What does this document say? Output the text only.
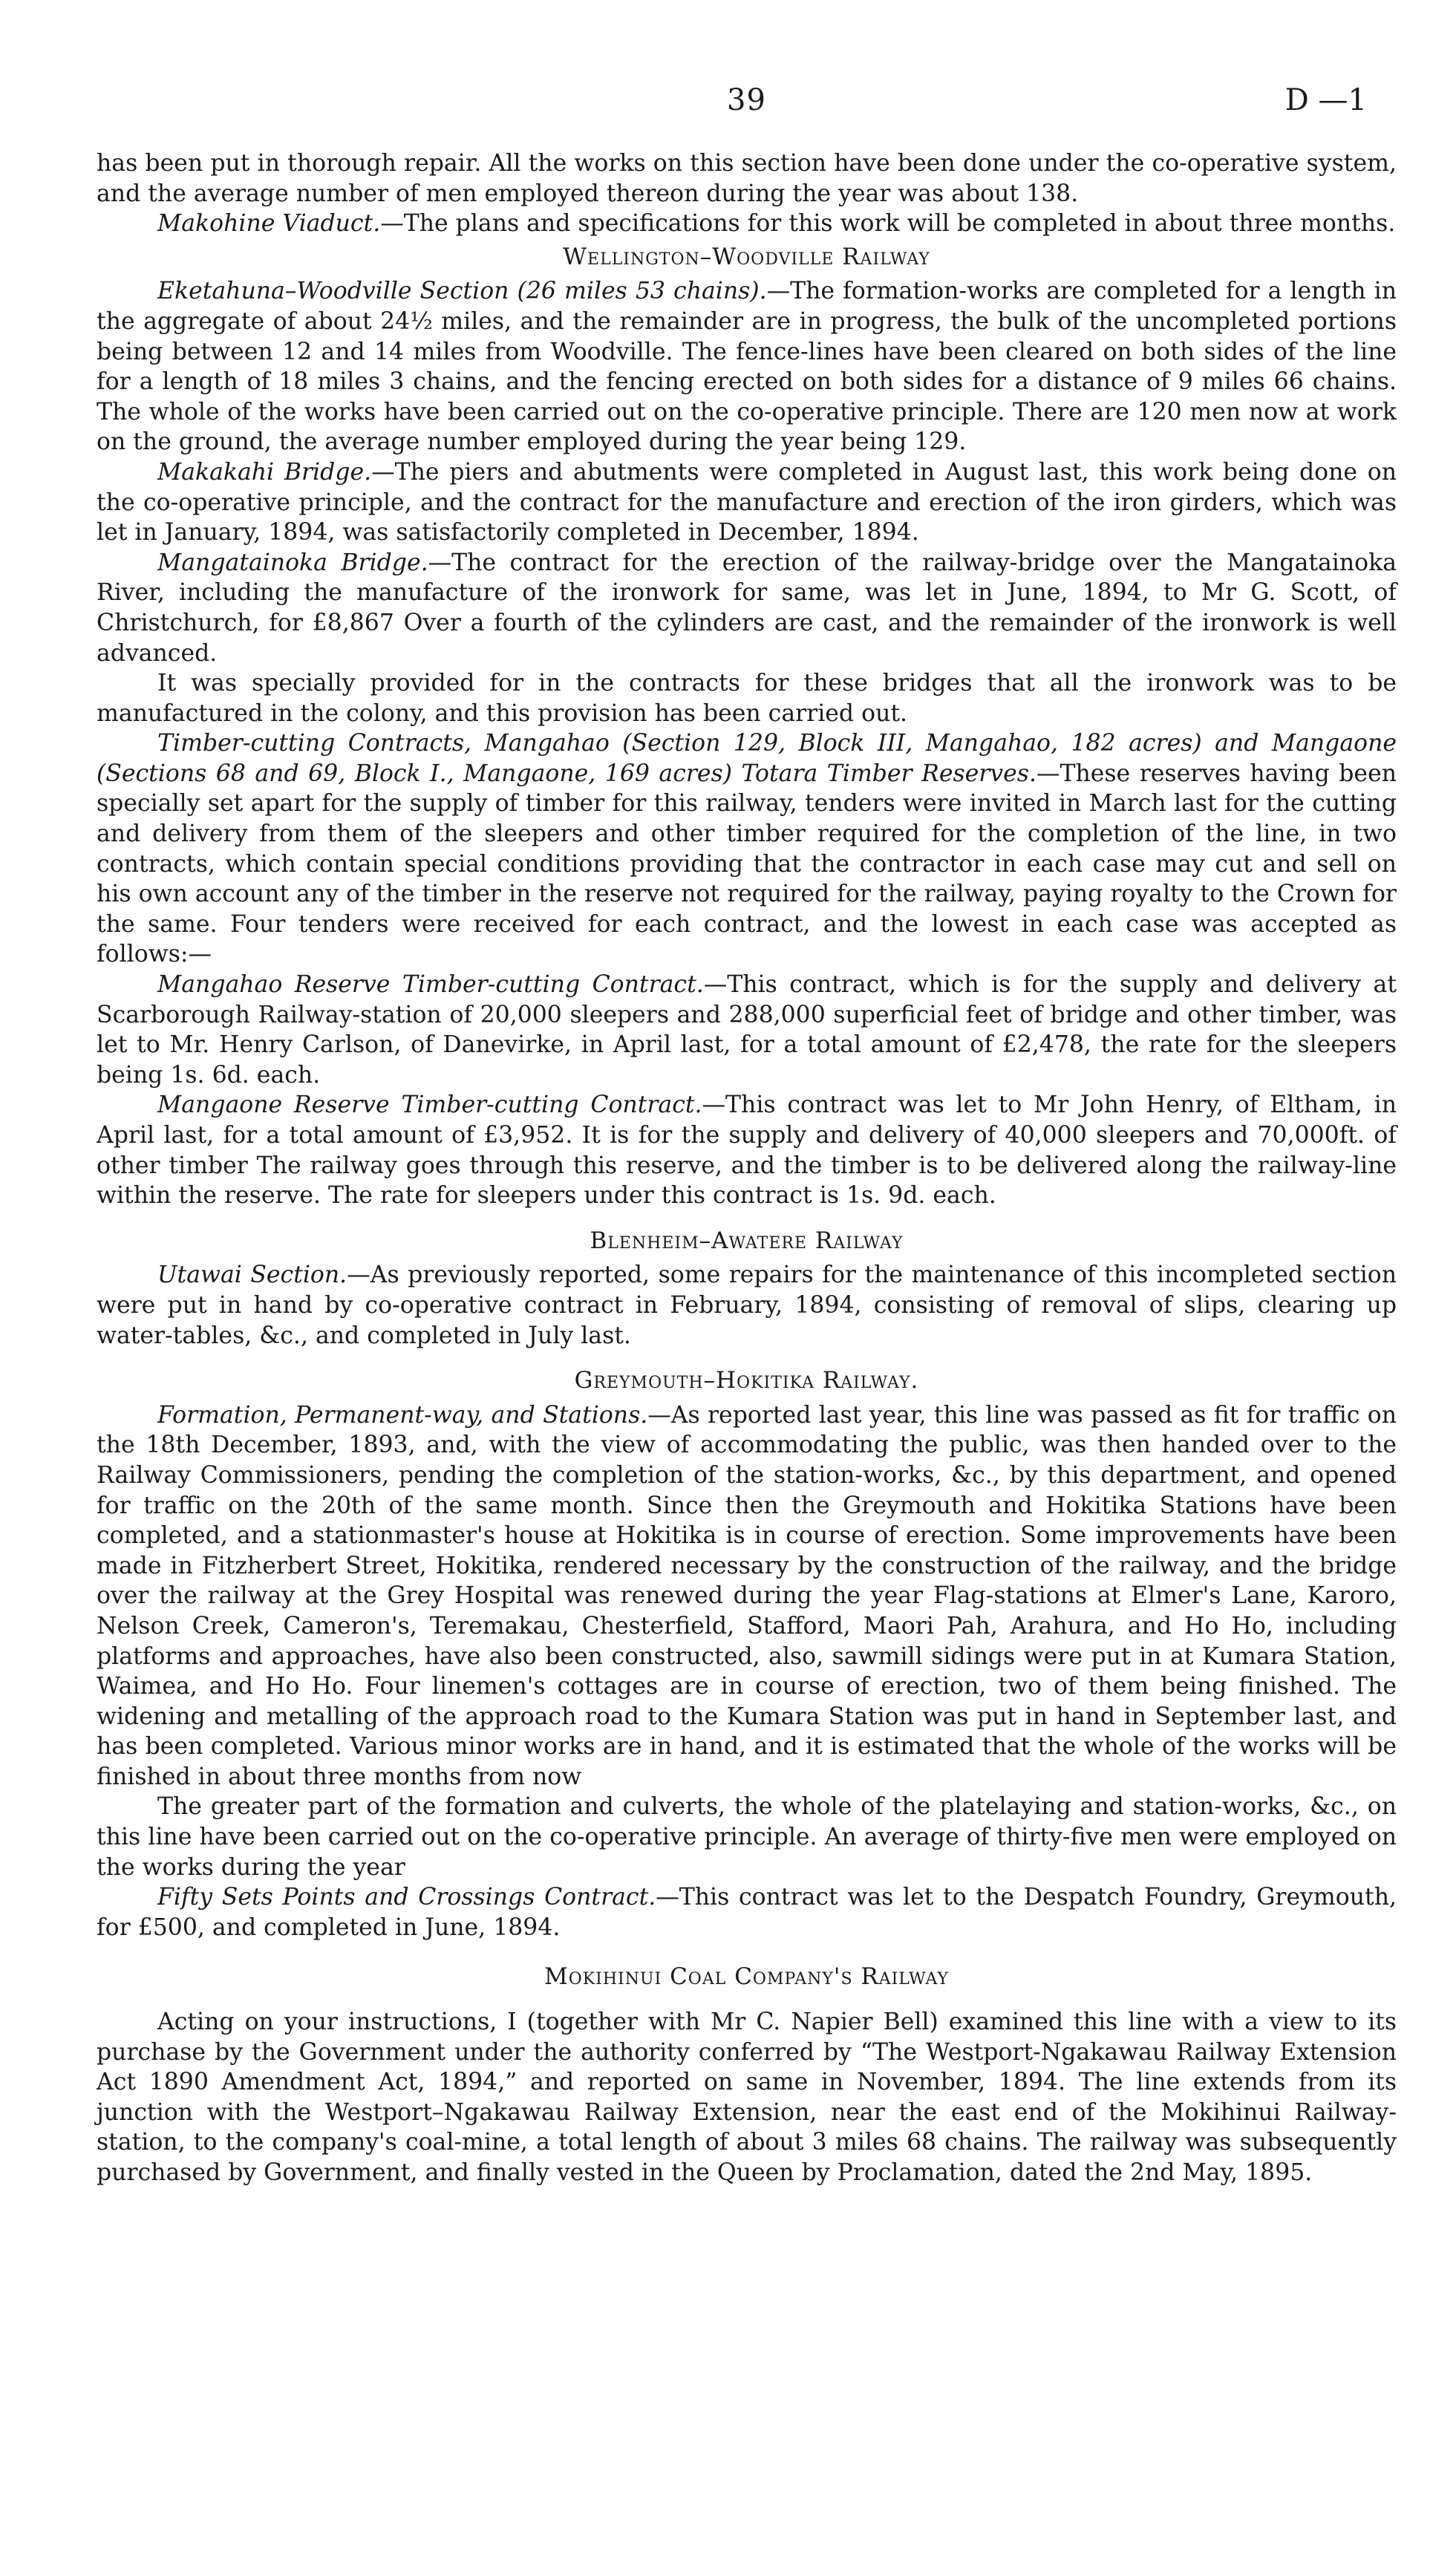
39	D —1

has been put in thorough repair. All the works on this section have been done under the co-operative system, and the average number of men employed thereon during the year was about 138.

Makohine Viaduct.—The plans and specifications for this work will be completed in about three months.

Wellington–Woodville Railway

Eketahuna–Woodville Section (26 miles 53 chains).—The formation-works are completed for a length in the aggregate of about 24½ miles, and the remainder are in progress, the bulk of the uncompleted portions being between 12 and 14 miles from Woodville. The fence-lines have been cleared on both sides of the line for a length of 18 miles 3 chains, and the fencing erected on both sides for a distance of 9 miles 66 chains. The whole of the works have been carried out on the co-operative principle. There are 120 men now at work on the ground, the average number employed during the year being 129.

Makakahi Bridge.—The piers and abutments were completed in August last, this work being done on the co-operative principle, and the contract for the manufacture and erection of the iron girders, which was let in January, 1894, was satisfactorily completed in December, 1894.

Mangatainoka Bridge.—The contract for the erection of the railway-bridge over the Mangatainoka River, including the manufacture of the ironwork for same, was let in June, 1894, to Mr G. Scott, of Christchurch, for £8,867 Over a fourth of the cylinders are cast, and the remainder of the ironwork is well advanced.

It was specially provided for in the contracts for these bridges that all the ironwork was to be manufactured in the colony, and this provision has been carried out.

Timber-cutting Contracts, Mangahao (Section 129, Block III, Mangahao, 182 acres) and Mangaone (Sections 68 and 69, Block I., Mangaone, 169 acres) Totara Timber Reserves.—These reserves having been specially set apart for the supply of timber for this railway, tenders were invited in March last for the cutting and delivery from them of the sleepers and other timber required for the completion of the line, in two contracts, which contain special conditions providing that the contractor in each case may cut and sell on his own account any of the timber in the reserve not required for the railway, paying royalty to the Crown for the same. Four tenders were received for each contract, and the lowest in each case was accepted as follows:—

Mangahao Reserve Timber-cutting Contract.—This contract, which is for the supply and delivery at Scarborough Railway-station of 20,000 sleepers and 288,000 superficial feet of bridge and other timber, was let to Mr. Henry Carlson, of Danevirke, in April last, for a total amount of £2,478, the rate for the sleepers being 1s. 6d. each.

Mangaone Reserve Timber-cutting Contract.—This contract was let to Mr John Henry, of Eltham, in April last, for a total amount of £3,952. It is for the supply and delivery of 40,000 sleepers and 70,000ft. of other timber The railway goes through this reserve, and the timber is to be delivered along the railway-line within the reserve. The rate for sleepers under this contract is 1s. 9d. each.

Blenheim–Awatere Railway

Utawai Section.—As previously reported, some repairs for the maintenance of this incompleted section were put in hand by co-operative contract in February, 1894, consisting of removal of slips, clearing up water-tables, &c., and completed in July last.

Greymouth–Hokitika Railway.

Formation, Permanent-way, and Stations.—As reported last year, this line was passed as fit for traffic on the 18th December, 1893, and, with the view of accommodating the public, was then handed over to the Railway Commissioners, pending the completion of the station-works, &c., by this department, and opened for traffic on the 20th of the same month. Since then the Greymouth and Hokitika Stations have been completed, and a stationmaster's house at Hokitika is in course of erection. Some improvements have been made in Fitzherbert Street, Hokitika, rendered necessary by the construction of the railway, and the bridge over the railway at the Grey Hospital was renewed during the year Flag-stations at Elmer's Lane, Karoro, Nelson Creek, Cameron's, Teremakau, Chesterfield, Stafford, Maori Pah, Arahura, and Ho Ho, including platforms and approaches, have also been constructed, also, sawmill sidings were put in at Kumara Station, Waimea, and Ho Ho. Four linemen's cottages are in course of erection, two of them being finished. The widening and metalling of the approach road to the Kumara Station was put in hand in September last, and has been completed. Various minor works are in hand, and it is estimated that the whole of the works will be finished in about three months from now

The greater part of the formation and culverts, the whole of the platelaying and station-works, &c., on this line have been carried out on the co-operative principle. An average of thirty-five men were employed on the works during the year

Fifty Sets Points and Crossings Contract.—This contract was let to the Despatch Foundry, Greymouth, for £500, and completed in June, 1894.

Mokihinui Coal Company's Railway

Acting on your instructions, I (together with Mr C. Napier Bell) examined this line with a view to its purchase by the Government under the authority conferred by “The Westport-Ngakawau Railway Extension Act 1890 Amendment Act, 1894,” and reported on same in November, 1894. The line extends from its junction with the Westport–Ngakawau Railway Extension, near the east end of the Mokihinui Railway-station, to the company's coal-mine, a total length of about 3 miles 68 chains. The railway was subsequently purchased by Government, and finally vested in the Queen by Proclamation, dated the 2nd May, 1895.
